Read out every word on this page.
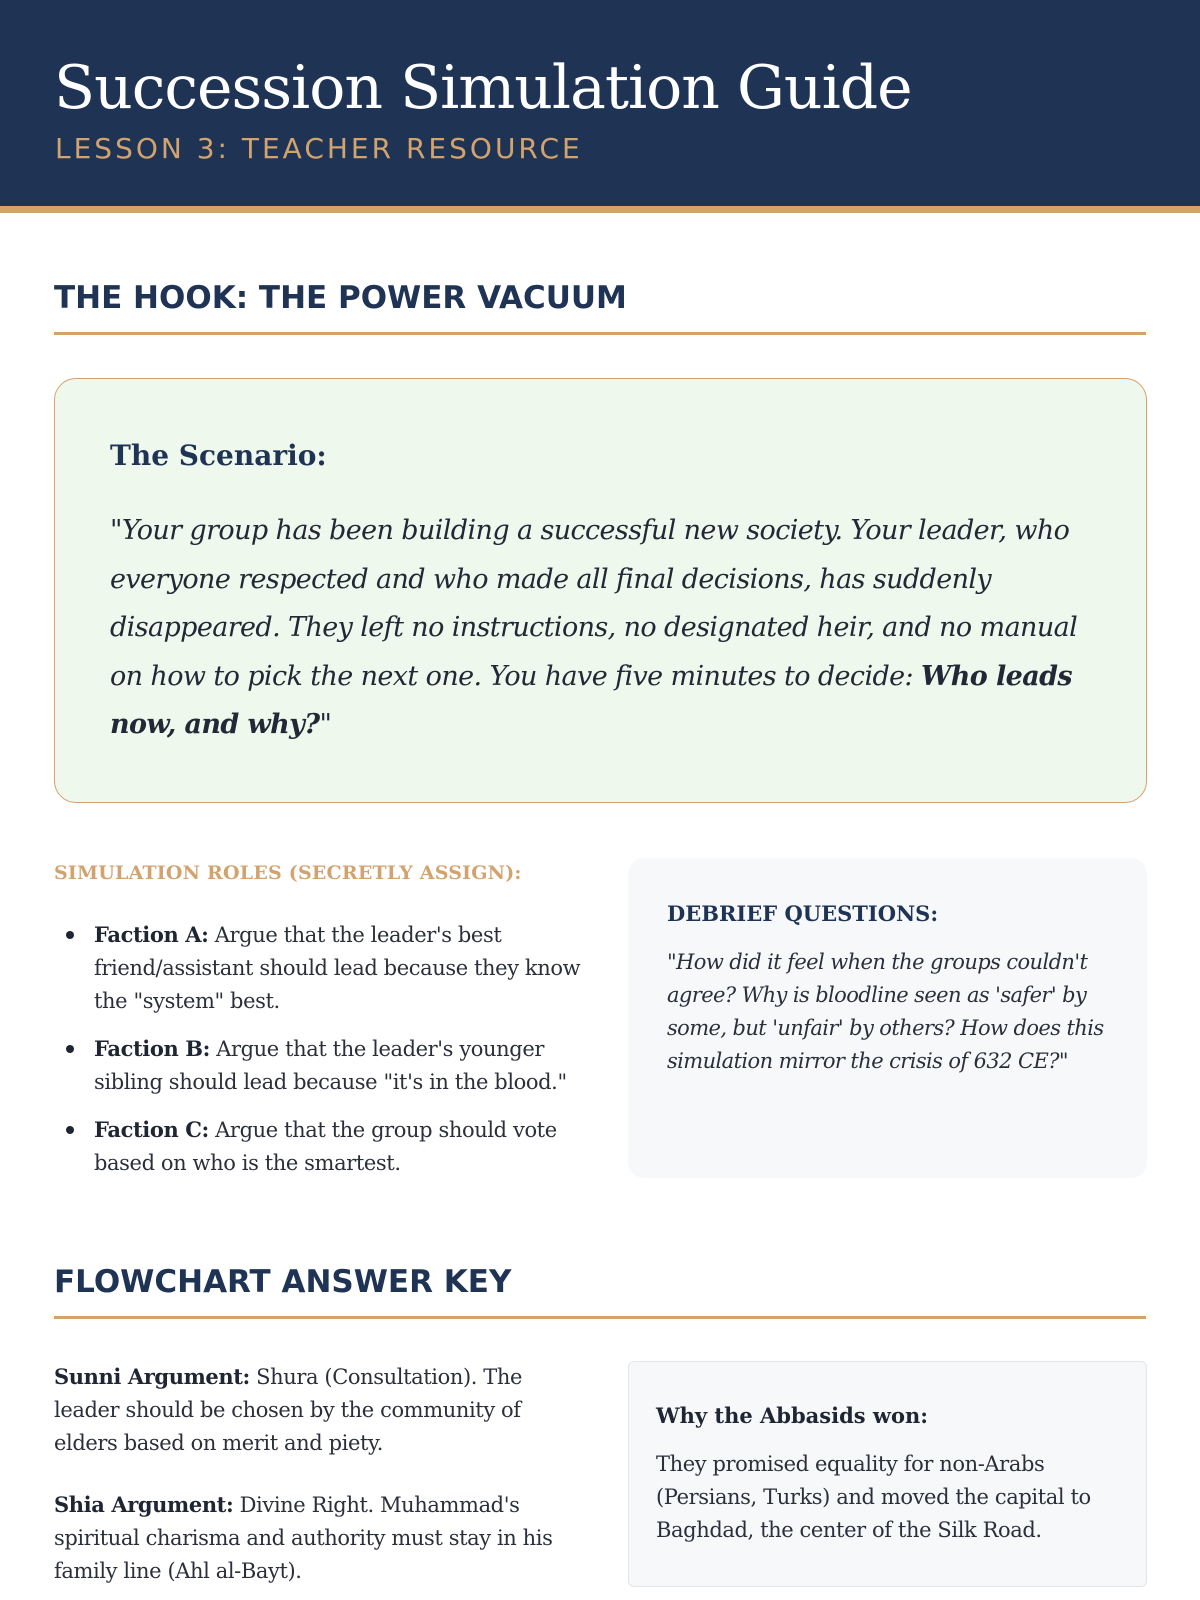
Succession Simulation Guide
LESSON 3: TEACHER RESOURCE
THE HOOK: THE POWER VACUUM
The Scenario:

"Your group has been building a successful new society. Your leader, who everyone respected and who made all final decisions, has suddenly disappeared. They left no instructions, no designated heir, and no manual on how to pick the next one. You have five minutes to decide: Who leads now, and why?"

SIMULATION ROLES (SECRETLY ASSIGN):
Faction A: Argue that the leader's best friend/assistant should lead because they know the "system" best.
Faction B: Argue that the leader's younger sibling should lead because "it's in the blood."
Faction C: Argue that the group should vote based on who is the smartest.
DEBRIEF QUESTIONS:

"How did it feel when the groups couldn't agree? Why is bloodline seen as 'safer' by some, but 'unfair' by others? How does this simulation mirror the crisis of 632 CE?"

FLOWCHART ANSWER KEY

Sunni Argument: Shura (Consultation). The leader should be chosen by the community of elders based on merit and piety.

Shia Argument: Divine Right. Muhammad's spiritual charisma and authority must stay in his family line (Ahl al-Bayt).

Why the Abbasids won:

They promised equality for non-Arabs (Persians, Turks) and moved the capital to Baghdad, the center of the Silk Road.
